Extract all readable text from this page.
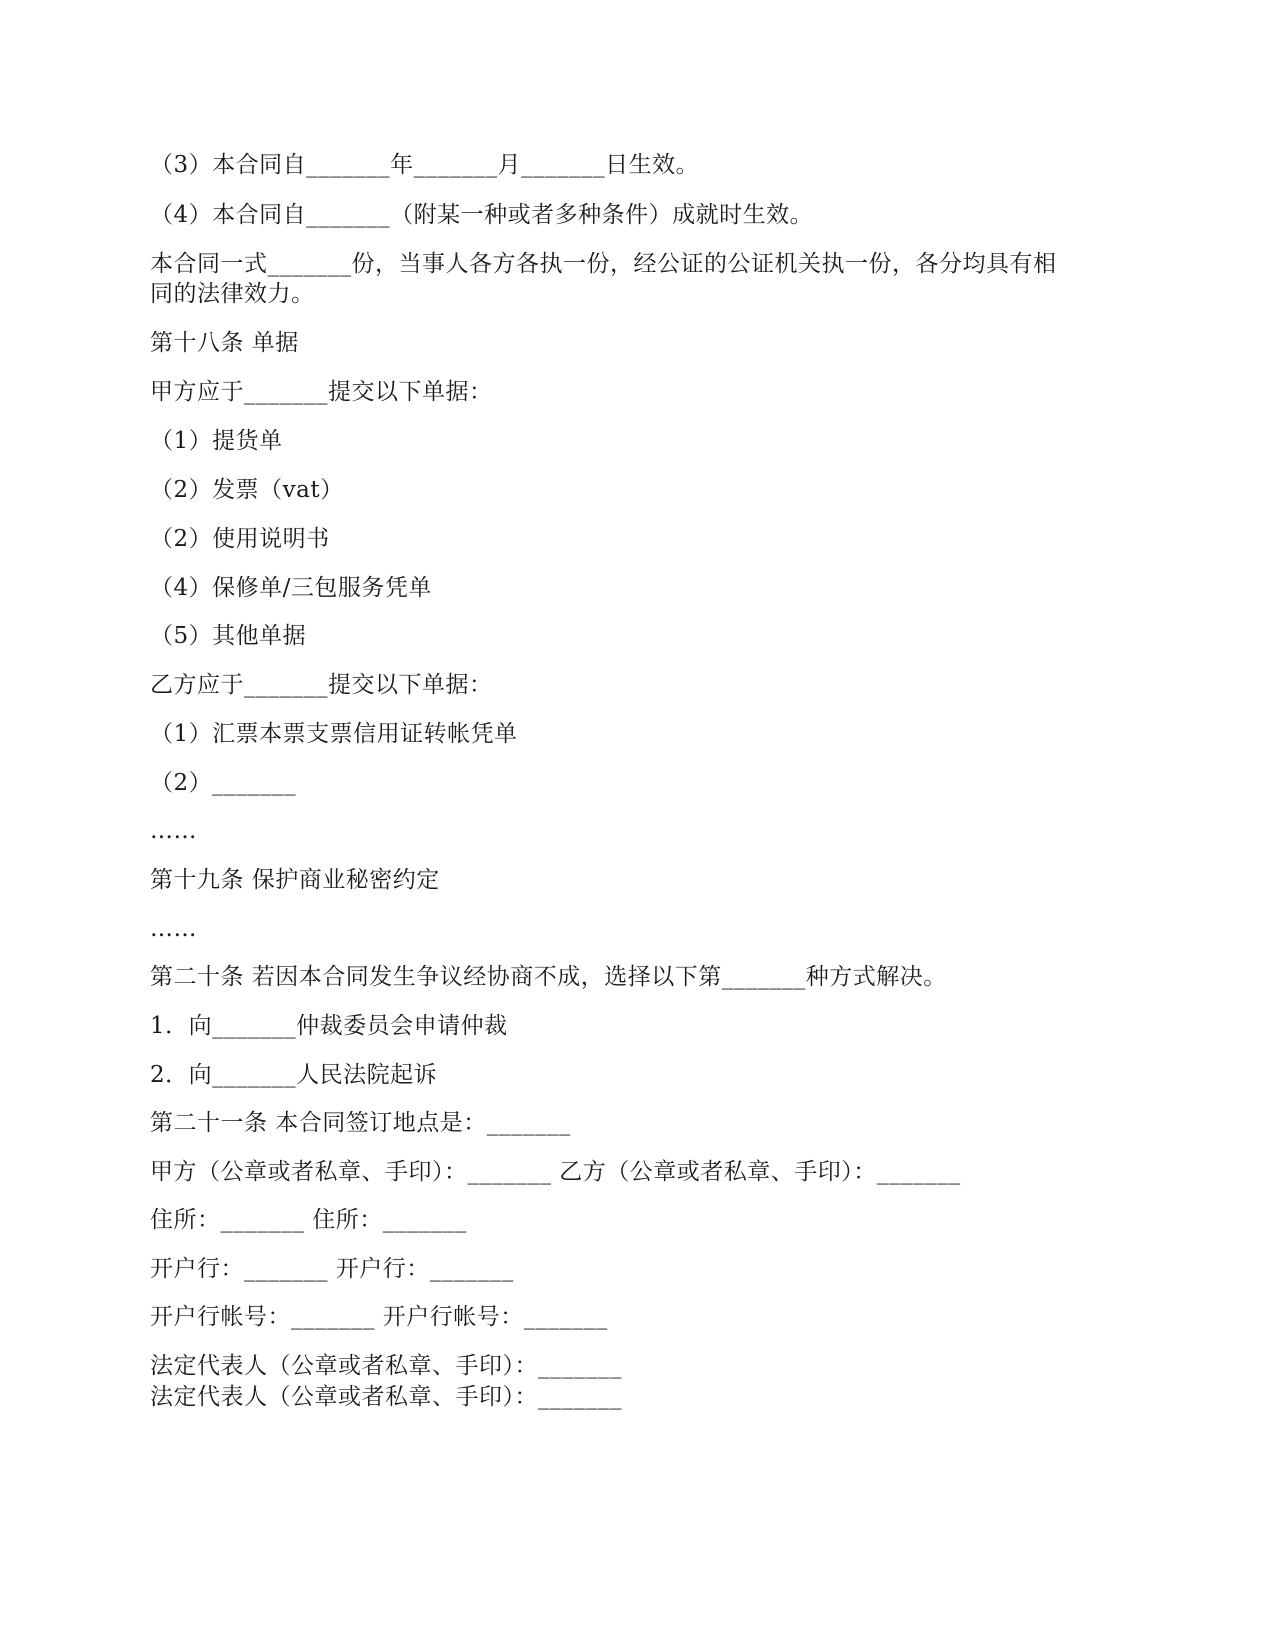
（3）本合同自_______年_______月_______日生效。
（4）本合同自_______（附某一种或者多种条件）成就时生效。
本合同一式_______份，当事人各方各执一份，经公证的公证机关执一份，各分均具有相
同的法律效力。
第十八条 单据
甲方应于_______提交以下单据：
（1）提货单
（2）发票（vat）
（2）使用说明书
（4）保修单/三包服务凭单
（5）其他单据
乙方应于_______提交以下单据：
（1）汇票本票支票信用证转帐凭单
（2）_______
……
第十九条 保护商业秘密约定
……
第二十条 若因本合同发生争议经协商不成，选择以下第_______种方式解决。
1．向_______仲裁委员会申请仲裁
2．向_______人民法院起诉
第二十一条 本合同签订地点是：_______
甲方（公章或者私章、手印）：_______ 乙方（公章或者私章、手印）：_______
住所：_______ 住所：_______
开户行：_______ 开户行：_______
开户行帐号：_______ 开户行帐号：_______
法定代表人（公章或者私章、手印）：_______
法定代表人（公章或者私章、手印）：_______
